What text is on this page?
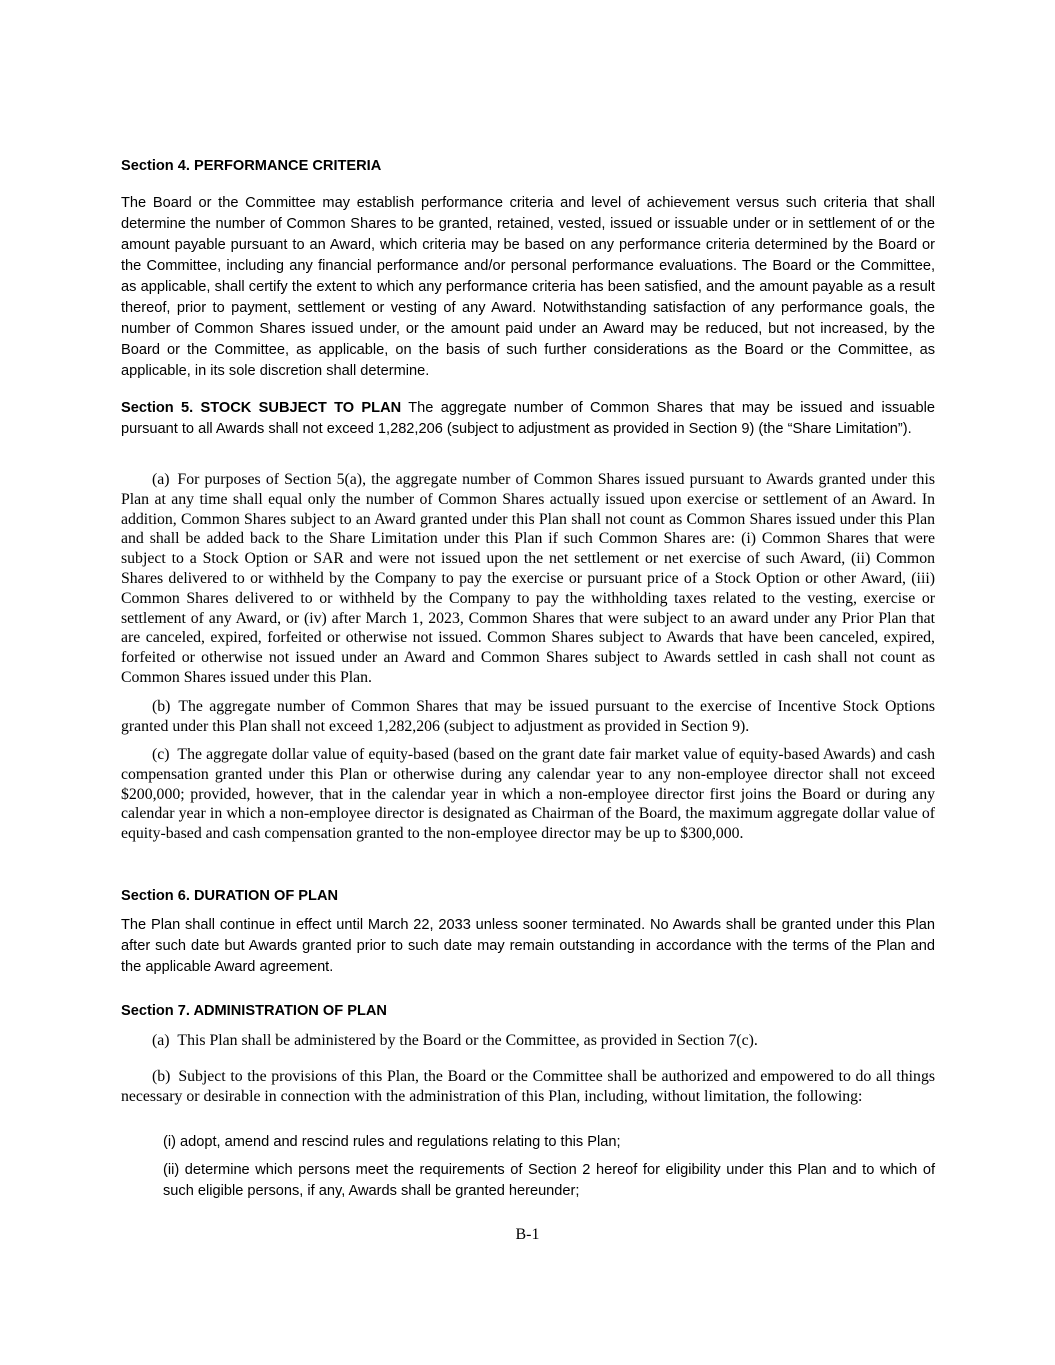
Section 4. PERFORMANCE CRITERIA

The Board or the Committee may establish performance criteria and level of achievement versus such criteria that shall determine the number of Common Shares to be granted, retained, vested, issued or issuable under or in settlement of or the amount payable pursuant to an Award, which criteria may be based on any performance criteria determined by the Board or the Committee, including any financial performance and/or personal performance evaluations. The Board or the Committee, as applicable, shall certify the extent to which any performance criteria has been satisfied, and the amount payable as a result thereof, prior to payment, settlement or vesting of any Award. Notwithstanding satisfaction of any performance goals, the number of Common Shares issued under, or the amount paid under an Award may be reduced, but not increased, by the Board or the Committee, as applicable, on the basis of such further considerations as the Board or the Committee, as applicable, in its sole discretion shall determine.

Section 5. STOCK SUBJECT TO PLAN The aggregate number of Common Shares that may be issued and issuable pursuant to all Awards shall not exceed 1,282,206 (subject to adjustment as provided in Section 9) (the “Share Limitation”).

(a) For purposes of Section 5(a), the aggregate number of Common Shares issued pursuant to Awards granted under this Plan at any time shall equal only the number of Common Shares actually issued upon exercise or settlement of an Award. In addition, Common Shares subject to an Award granted under this Plan shall not count as Common Shares issued under this Plan and shall be added back to the Share Limitation under this Plan if such Common Shares are: (i) Common Shares that were subject to a Stock Option or SAR and were not issued upon the net settlement or net exercise of such Award, (ii) Common Shares delivered to or withheld by the Company to pay the exercise or pursuant price of a Stock Option or other Award, (iii) Common Shares delivered to or withheld by the Company to pay the withholding taxes related to the vesting, exercise or settlement of any Award, or (iv) after March 1, 2023, Common Shares that were subject to an award under any Prior Plan that are canceled, expired, forfeited or otherwise not issued. Common Shares subject to Awards that have been canceled, expired, forfeited or otherwise not issued under an Award and Common Shares subject to Awards settled in cash shall not count as Common Shares issued under this Plan.

(b) The aggregate number of Common Shares that may be issued pursuant to the exercise of Incentive Stock Options granted under this Plan shall not exceed 1,282,206 (subject to adjustment as provided in Section 9).

(c) The aggregate dollar value of equity-based (based on the grant date fair market value of equity-based Awards) and cash compensation granted under this Plan or otherwise during any calendar year to any non-employee director shall not exceed $200,000; provided, however, that in the calendar year in which a non-employee director first joins the Board or during any calendar year in which a non-employee director is designated as Chairman of the Board, the maximum aggregate dollar value of equity-based and cash compensation granted to the non-employee director may be up to $300,000.

Section 6. DURATION OF PLAN

The Plan shall continue in effect until March 22, 2033 unless sooner terminated. No Awards shall be granted under this Plan after such date but Awards granted prior to such date may remain outstanding in accordance with the terms of the Plan and the applicable Award agreement.

Section 7. ADMINISTRATION OF PLAN

(a) This Plan shall be administered by the Board or the Committee, as provided in Section 7(c).

(b) Subject to the provisions of this Plan, the Board or the Committee shall be authorized and empowered to do all things necessary or desirable in connection with the administration of this Plan, including, without limitation, the following:

(i) adopt, amend and rescind rules and regulations relating to this Plan;

(ii) determine which persons meet the requirements of Section 2 hereof for eligibility under this Plan and to which of such eligible persons, if any, Awards shall be granted hereunder;

B-1
